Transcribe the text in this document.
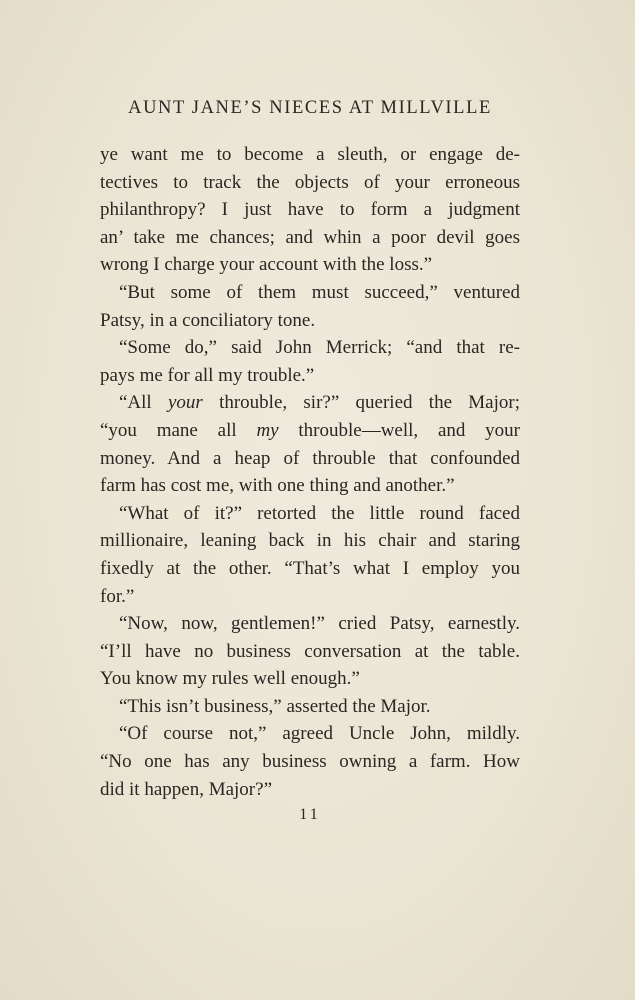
AUNT JANE’S NIECES AT MILLVILLE
ye want me to become a sleuth, or engage de-
tectives to track the objects of your erroneous
philanthropy? I just have to form a judgment
an’ take me chances; and whin a poor devil goes
wrong I charge your account with the loss.”
“But some of them must succeed,” ventured
Patsy, in a conciliatory tone.
“Some do,” said John Merrick; “and that re-
pays me for all my trouble.”
“All your throuble, sir?” queried the Major;
“you mane all my throuble—well, and your
money. And a heap of throuble that confounded
farm has cost me, with one thing and another.”
“What of it?” retorted the little round faced
millionaire, leaning back in his chair and staring
fixedly at the other. “That’s what I employ you
for.”
“Now, now, gentlemen!” cried Patsy, earnestly.
“I’ll have no business conversation at the table.
You know my rules well enough.”
“This isn’t business,” asserted the Major.
“Of course not,” agreed Uncle John, mildly.
“No one has any business owning a farm. How
did it happen, Major?”
11
